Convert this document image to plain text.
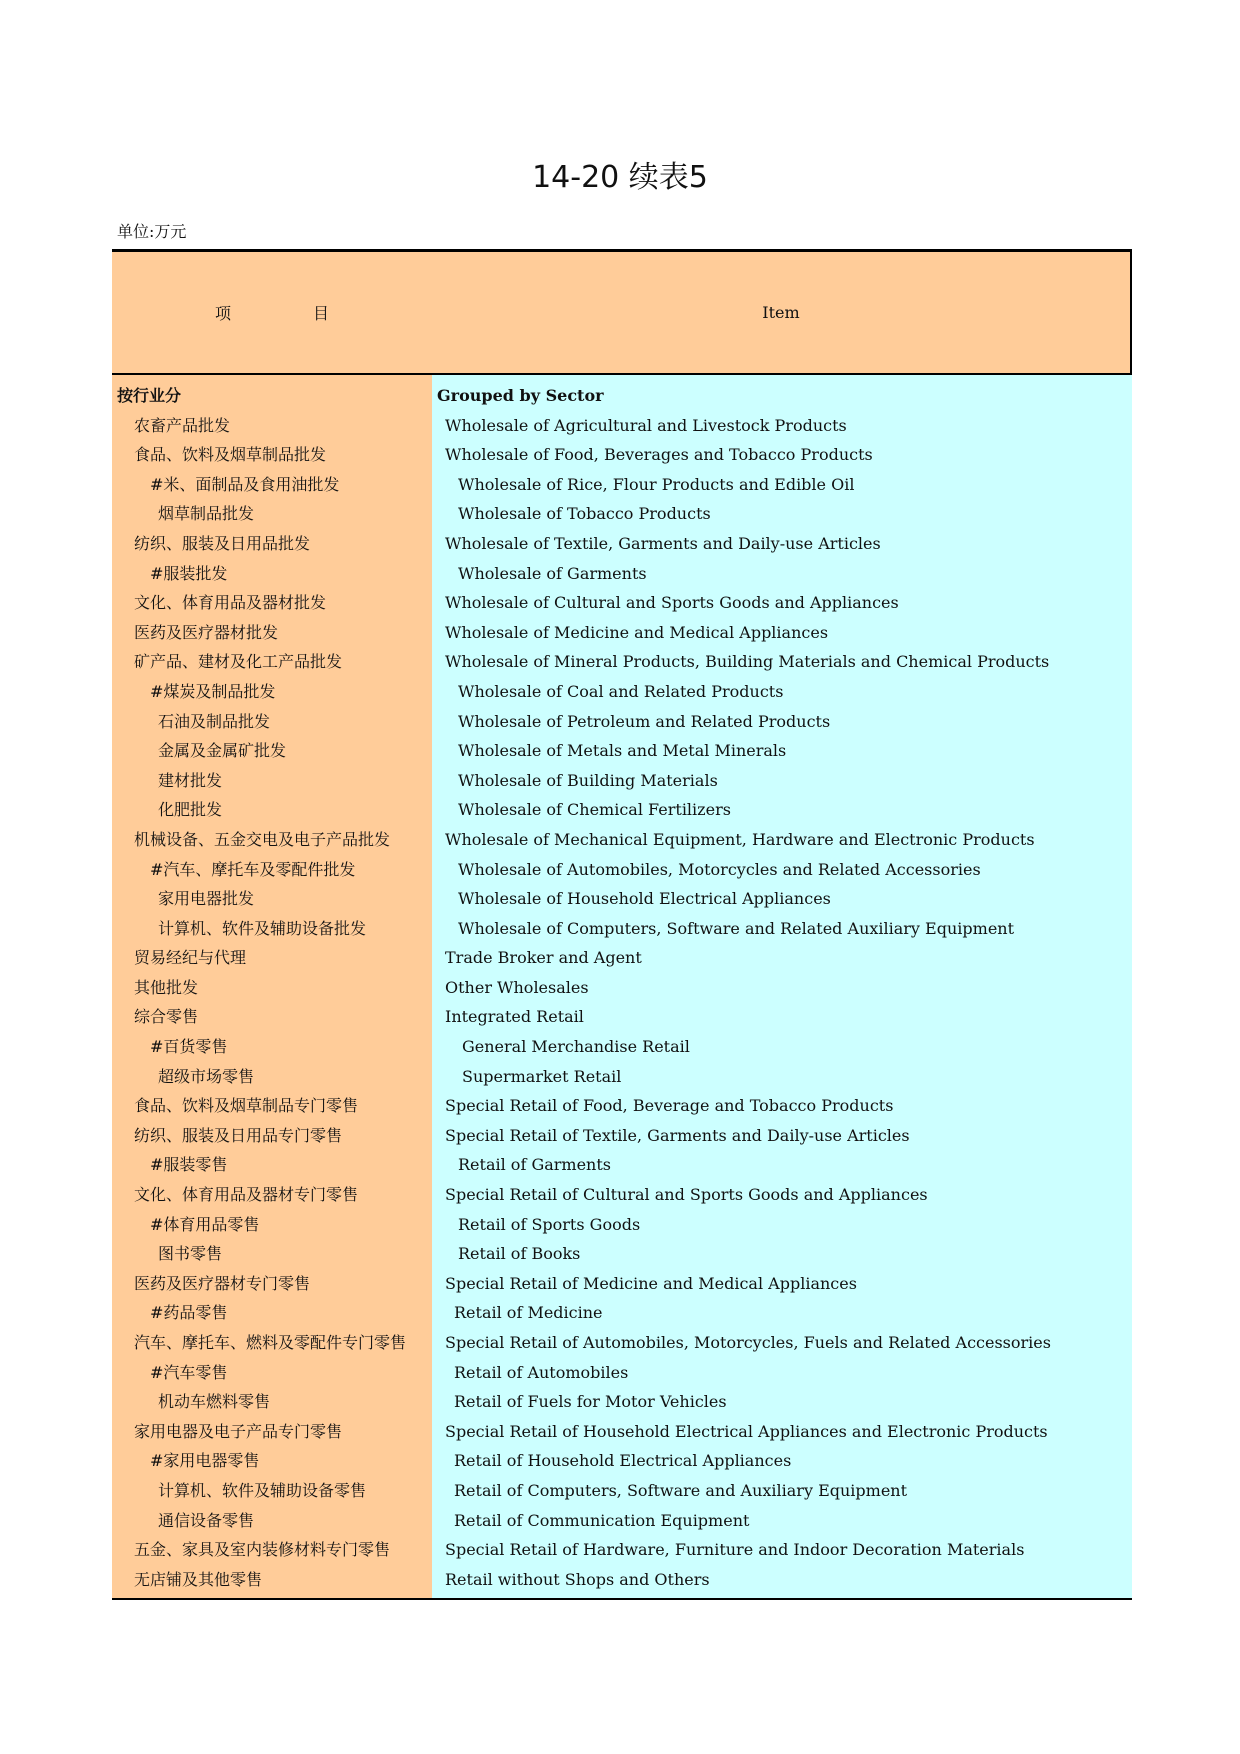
14-20 续表5
单位:万元
项	目	Item
按行业分
农畜产品批发
食品、饮料及烟草制品批发
#米、面制品及食用油批发
烟草制品批发
纺织、服装及日用品批发
#服装批发
文化、体育用品及器材批发
医药及医疗器材批发
矿产品、建材及化工产品批发
#煤炭及制品批发
石油及制品批发
金属及金属矿批发
建材批发
化肥批发
机械设备、五金交电及电子产品批发
#汽车、摩托车及零配件批发
家用电器批发
计算机、软件及辅助设备批发
贸易经纪与代理
其他批发
综合零售
#百货零售
超级市场零售
食品、饮料及烟草制品专门零售
纺织、服装及日用品专门零售
#服装零售
文化、体育用品及器材专门零售
#体育用品零售
图书零售
医药及医疗器材专门零售
#药品零售
汽车、摩托车、燃料及零配件专门零售
#汽车零售
机动车燃料零售
家用电器及电子产品专门零售
#家用电器零售
计算机、软件及辅助设备零售
通信设备零售
五金、家具及室内装修材料专门零售
无店铺及其他零售
Grouped by Sector
Wholesale of Agricultural and Livestock Products
Wholesale of Food, Beverages and Tobacco Products
Wholesale of Rice, Flour Products and Edible Oil
Wholesale of Tobacco Products
Wholesale of Textile, Garments and Daily-use Articles
Wholesale of Garments
Wholesale of Cultural and Sports Goods and Appliances
Wholesale of Medicine and Medical Appliances
Wholesale of Mineral Products, Building Materials and Chemical Products
Wholesale of Coal and Related Products
Wholesale of Petroleum and Related Products
Wholesale of Metals and Metal Minerals
Wholesale of Building Materials
Wholesale of Chemical Fertilizers
Wholesale of Mechanical Equipment, Hardware and Electronic Products
Wholesale of Automobiles, Motorcycles and Related Accessories
Wholesale of Household Electrical Appliances
Wholesale of Computers, Software and Related Auxiliary Equipment
Trade Broker and Agent
Other Wholesales
Integrated Retail
General Merchandise Retail
Supermarket Retail
Special Retail of Food, Beverage and Tobacco Products
Special Retail of Textile, Garments and Daily-use Articles
Retail of Garments
Special Retail of Cultural and Sports Goods and Appliances
Retail of Sports Goods
Retail of Books
Special Retail of Medicine and Medical Appliances
Retail of Medicine
Special Retail of Automobiles, Motorcycles, Fuels and Related Accessories
Retail of Automobiles
Retail of Fuels for Motor Vehicles
Special Retail of Household Electrical Appliances and Electronic Products
Retail of Household Electrical Appliances
Retail of Computers, Software and Auxiliary Equipment
Retail of Communication Equipment
Special Retail of Hardware, Furniture and Indoor Decoration Materials
Retail without Shops and Others
